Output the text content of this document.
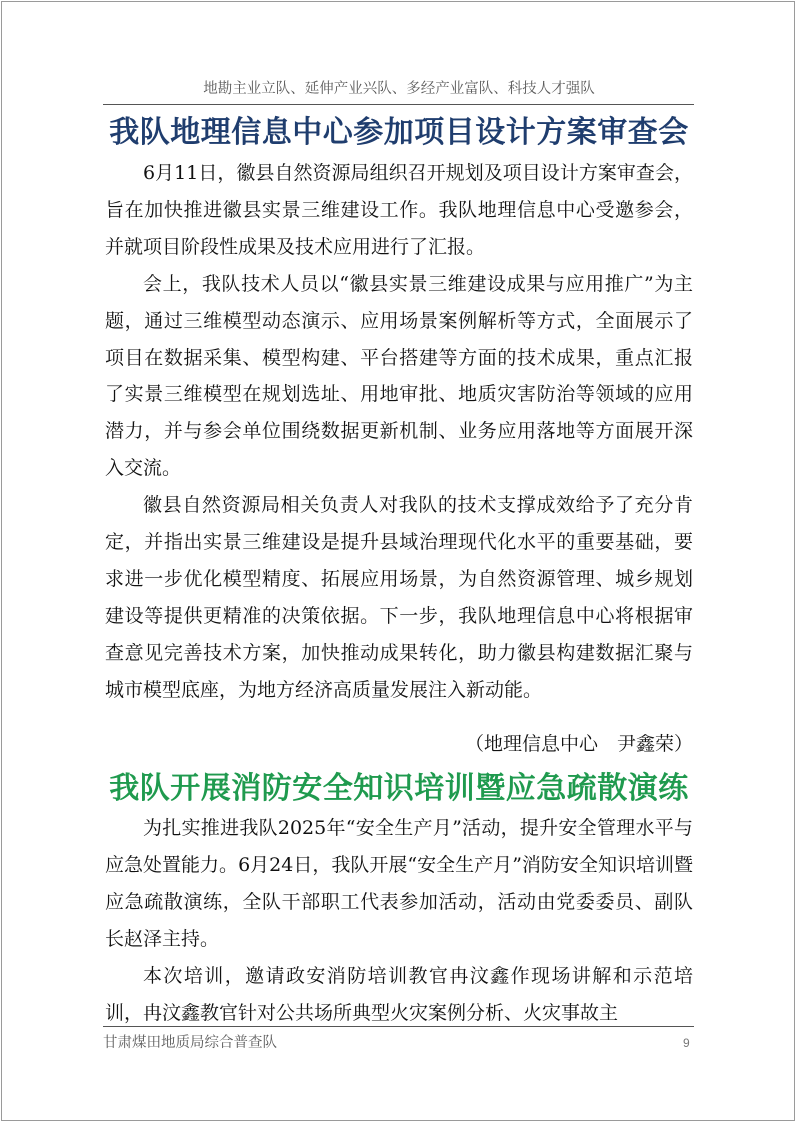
地勘主业立队、延伸产业兴队、多经产业富队、科技人才强队
我队地理信息中心参加项目设计方案审查会

6月11日，徽县自然资源局组织召开规划及项目设计方案审查会，旨在加快推进徽县实景三维建设工作。我队地理信息中心受邀参会，并就项目阶段性成果及技术应用进行了汇报。

会上，我队技术人员以“徽县实景三维建设成果与应用推广”为主题，通过三维模型动态演示、应用场景案例解析等方式，全面展示了项目在数据采集、模型构建、平台搭建等方面的技术成果，重点汇报了实景三维模型在规划选址、用地审批、地质灾害防治等领域的应用潜力，并与参会单位围绕数据更新机制、业务应用落地等方面展开深入交流。

徽县自然资源局相关负责人对我队的技术支撑成效给予了充分肯定，并指出实景三维建设是提升县域治理现代化水平的重要基础，要求进一步优化模型精度、拓展应用场景，为自然资源管理、城乡规划建设等提供更精准的决策依据。下一步，我队地理信息中心将根据审查意见完善技术方案，加快推动成果转化，助力徽县构建数据汇聚与城市模型底座，为地方经济高质量发展注入新动能。

（地理信息中心　尹鑫荣）
我队开展消防安全知识培训暨应急疏散演练

为扎实推进我队2025年“安全生产月”活动，提升安全管理水平与应急处置能力。6月24日，我队开展“安全生产月”消防安全知识培训暨应急疏散演练，全队干部职工代表参加活动，活动由党委委员、副队长赵泽主持。

本次培训，邀请政安消防培训教官冉汶鑫作现场讲解和示范培训，冉汶鑫教官针对公共场所典型火灾案例分析、火灾事故主

甘肃煤田地质局综合普查队	9
